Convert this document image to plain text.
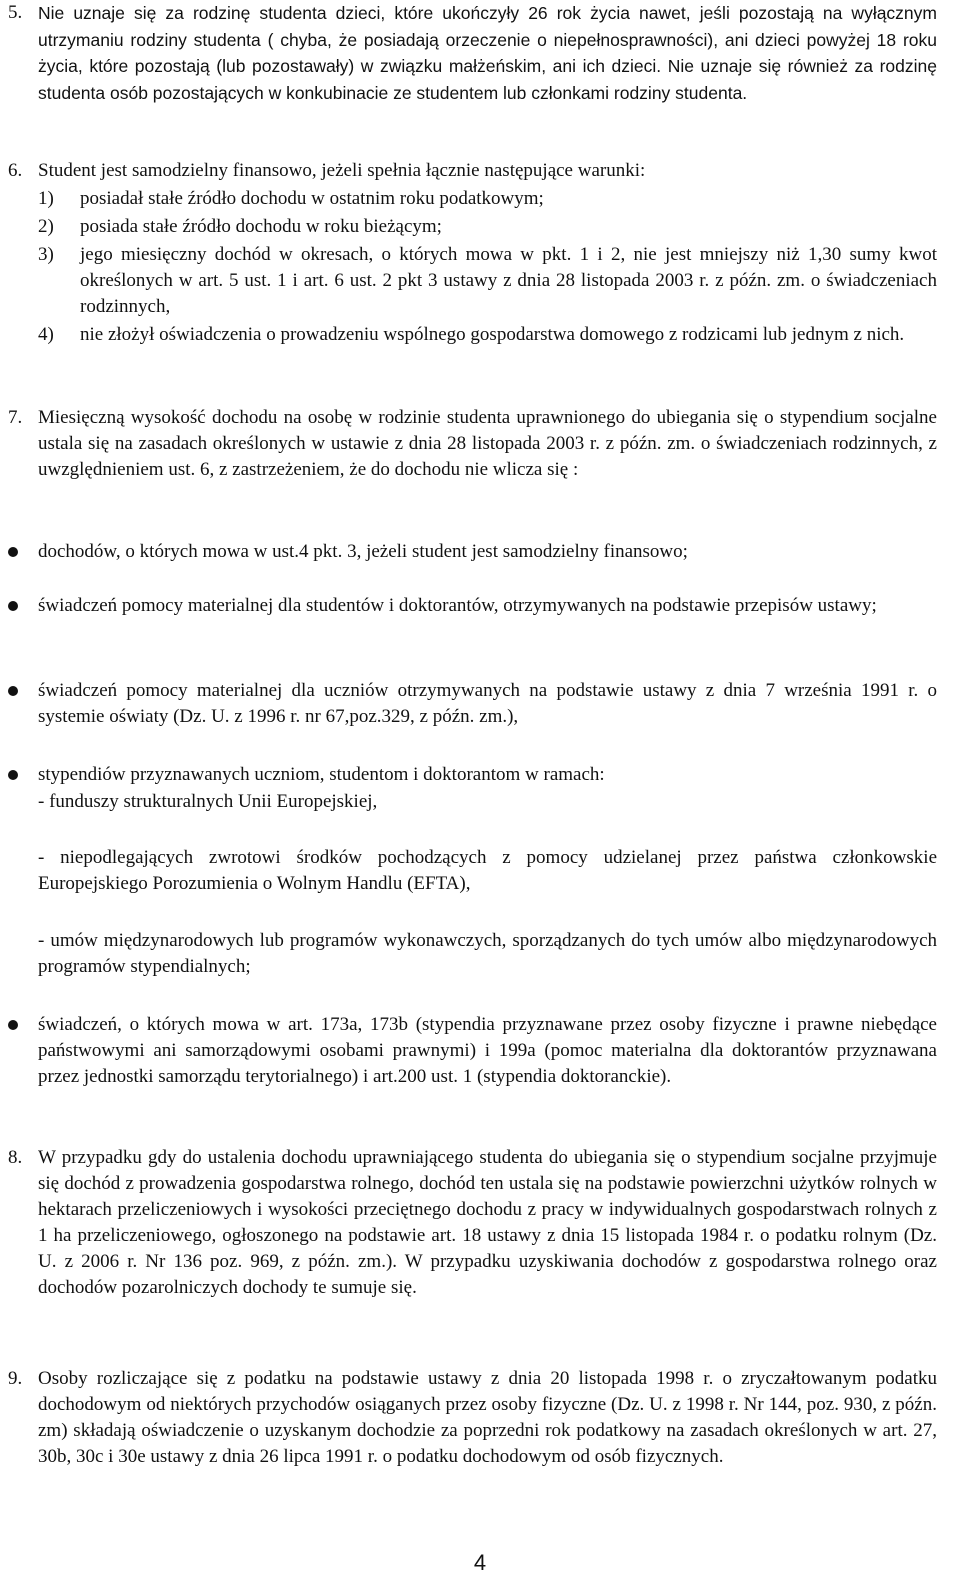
5. Nie uznaje się za rodzinę studenta dzieci, które ukończyły 26 rok życia nawet, jeśli pozostają na wyłącznym utrzymaniu rodziny studenta ( chyba, że posiadają orzeczenie o niepełnosprawności), ani dzieci powyżej 18 roku życia, które pozostają (lub pozostawały) w związku małżeńskim, ani ich dzieci. Nie uznaje się również za rodzinę studenta osób pozostających w konkubinacie ze studentem lub członkami rodziny studenta.

6. Student jest samodzielny finansowo, jeżeli spełnia łącznie następujące warunki:

1) posiadał stałe źródło dochodu w ostatnim roku podatkowym;

2) posiada stałe źródło dochodu w roku bieżącym;

3) jego miesięczny dochód w okresach, o których mowa w pkt. 1 i 2, nie jest mniejszy niż 1,30 sumy kwot określonych w art. 5 ust. 1 i art. 6 ust. 2 pkt 3 ustawy z dnia 28 listopada 2003 r. z późn. zm. o świadczeniach rodzinnych,

4) nie złożył oświadczenia o prowadzeniu wspólnego gospodarstwa domowego z rodzicami lub jednym z nich.

7. Miesięczną wysokość dochodu na osobę w rodzinie studenta uprawnionego do ubiegania się o stypendium socjalne ustala się na zasadach określonych w ustawie z dnia 28 listopada 2003 r. z późn. zm. o świadczeniach rodzinnych, z uwzględnieniem ust. 6, z zastrzeżeniem, że do dochodu nie wlicza się :

dochodów, o których mowa w ust.4 pkt. 3, jeżeli student jest samodzielny finansowo;

świadczeń pomocy materialnej dla studentów i doktorantów, otrzymywanych na podstawie przepisów ustawy;

świadczeń pomocy materialnej dla uczniów otrzymywanych na podstawie ustawy z dnia 7 września 1991 r. o systemie oświaty (Dz. U. z 1996 r. nr 67,poz.329, z późn. zm.),

stypendiów przyznawanych uczniom, studentom i doktorantom w ramach:

- funduszy strukturalnych Unii Europejskiej,

- niepodlegających zwrotowi środków pochodzących z pomocy udzielanej przez państwa członkowskie Europejskiego Porozumienia o Wolnym Handlu (EFTA),

- umów międzynarodowych lub programów wykonawczych, sporządzanych do tych umów albo międzynarodowych programów stypendialnych;

świadczeń, o których mowa w art. 173a, 173b (stypendia przyznawane przez osoby fizyczne i prawne niebędące państwowymi ani samorządowymi osobami prawnymi) i 199a (pomoc materialna dla doktorantów przyznawana przez jednostki samorządu terytorialnego) i art.200 ust. 1 (stypendia doktoranckie).

8. W przypadku gdy do ustalenia dochodu uprawniającego studenta do ubiegania się o stypendium socjalne przyjmuje się dochód z prowadzenia gospodarstwa rolnego, dochód ten ustala się na podstawie powierzchni użytków rolnych w hektarach przeliczeniowych i wysokości przeciętnego dochodu z pracy w indywidualnych gospodarstwach rolnych z 1 ha przeliczeniowego, ogłoszonego na podstawie art. 18 ustawy z dnia 15 listopada 1984 r. o podatku rolnym (Dz. U. z 2006 r. Nr 136 poz. 969, z późn. zm.). W przypadku uzyskiwania dochodów z gospodarstwa rolnego oraz dochodów pozarolniczych dochody te sumuje się.

9. Osoby rozliczające się z podatku na podstawie ustawy z dnia 20 listopada 1998 r. o zryczałtowanym podatku dochodowym od niektórych przychodów osiąganych przez osoby fizyczne (Dz. U. z 1998 r. Nr 144, poz. 930, z późn. zm) składają oświadczenie o uzyskanym dochodzie za poprzedni rok podatkowy na zasadach określonych w art. 27, 30b, 30c i 30e ustawy z dnia 26 lipca 1991 r. o podatku dochodowym od osób fizycznych.

4
